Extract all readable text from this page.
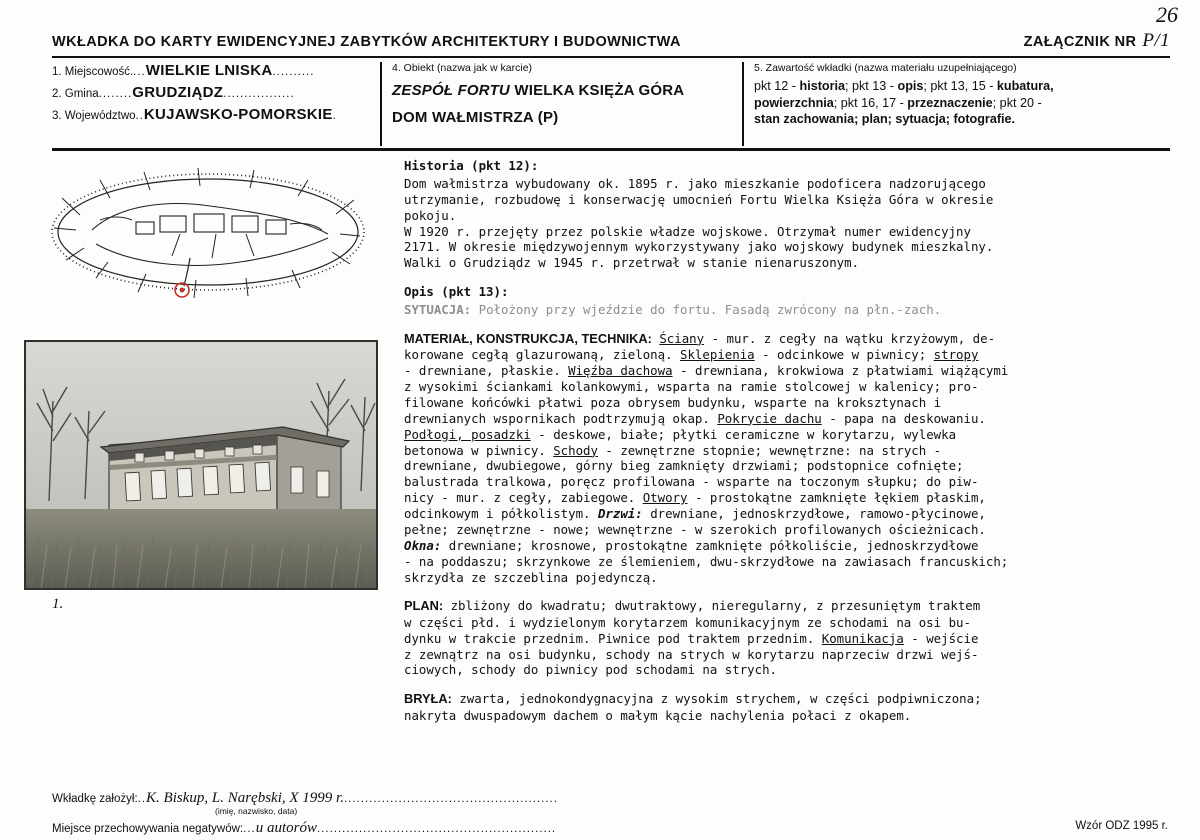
26
WKŁADKA DO KARTY EWIDENCYJNEJ ZABYTKÓW ARCHITEKTURY I BUDOWNICTWA	ZAŁĄCZNIK NR P/1
1. Miejscowość....WIELKIE LNISKA..........
2. Gmina........GRUDZIĄDZ.................
3. Województwo..KUJAWSKO-POMORSKIE.
4. Obiekt (nazwa jak w karcie)
ZESPÓŁ FORTU WIELKA KSIĘŻA GÓRA
DOM WAŁMISTRZA (P)
5. Zawartość wkładki (nazwa materiału uzupełniającego)
pkt 12 - historia; pkt 13 - opis; pkt 13, 15 - kubatura,
powierzchnia; pkt 16, 17 - przeznaczenie; pkt 20 -
stan zachowania; plan; sytuacja; fotografie.
1.
Historia (pkt 12):
Dom wałmistrza wybudowany ok. 1895 r. jako mieszkanie podoficera nadzorującego
utrzymanie, rozbudowę i konserwację umocnień Fortu Wielka Księża Góra w okresie
pokoju.
W 1920 r. przejęty przez polskie władze wojskowe. Otrzymał numer ewidencyjny
2171. W okresie międzywojennym wykorzystywany jako wojskowy budynek mieszkalny.
Walki o Grudziądz w 1945 r. przetrwał w stanie nienaruszonym.
Opis (pkt 13):
SYTUACJA: Położony przy wjeździe do fortu. Fasadą zwrócony na płn.-zach.
MATERIAŁ, KONSTRUKCJA, TECHNIKA: Ściany - mur. z cegły na wątku krzyżowym, de-
korowane cegłą glazurowaną, zieloną. Sklepienia - odcinkowe w piwnicy; stropy
- drewniane, płaskie. Więźba dachowa - drewniana, krokwiowa z płatwiami wiążącymi
z wysokimi ściankami kolankowymi, wsparta na ramie stolcowej w kalenicy; pro-
filowane końcówki płatwi poza obrysem budynku, wsparte na kroksztynach i
drewnianych wspornikach podtrzymują okap. Pokrycie dachu - papa na deskowaniu.
Podłogi, posadzki - deskowe, białe; płytki ceramiczne w korytarzu, wylewka
betonowa w piwnicy. Schody - zewnętrzne stopnie; wewnętrzne: na strych -
drewniane, dwubiegowe, górny bieg zamknięty drzwiami; podstopnice cofnięte;
balustrada tralkowa, poręcz profilowana - wsparte na toczonym słupku; do piw-
nicy - mur. z cegły, zabiegowe. Otwory - prostokątne zamknięte łękiem płaskim,
odcinkowym i półkolistym. Drzwi: drewniane, jednoskrzydłowe, ramowo-płycinowe,
pełne; zewnętrzne - nowe; wewnętrzne - w szerokich profilowanych ościeżnicach.
Okna: drewniane; krosnowe, prostokątne zamknięte półkoliście, jednoskrzydłowe
- na poddaszu; skrzynkowe ze ślemieniem, dwu-skrzydłowe na zawiasach francuskich;
skrzydła ze szczeblina pojedynczą.
PLAN: zbliżony do kwadratu; dwutraktowy, nieregularny, z przesuniętym traktem
w części płd. i wydzielonym korytarzem komunikacyjnym ze schodami na osi bu-
dynku w trakcie przednim. Piwnice pod traktem przednim. Komunikacja - wejście
z zewnątrz na osi budynku, schody na strych w korytarzu naprzeciw drzwi wejś-
ciowych, schody do piwnicy pod schodami na strych.
BRYŁA: zwarta, jednokondygnacyjna z wysokim strychem, w części podpiwniczona;
nakryta dwuspadowym dachem o małym kącie nachylenia połaci z okapem.
Wkładkę założył:..K. Biskup, L. Narębski, X 1999 r....................................................
(imię, nazwisko, data)
Miejsce przechowywania negatywów:...u autorów.........................................................	Wzór ODZ 1995 r.
